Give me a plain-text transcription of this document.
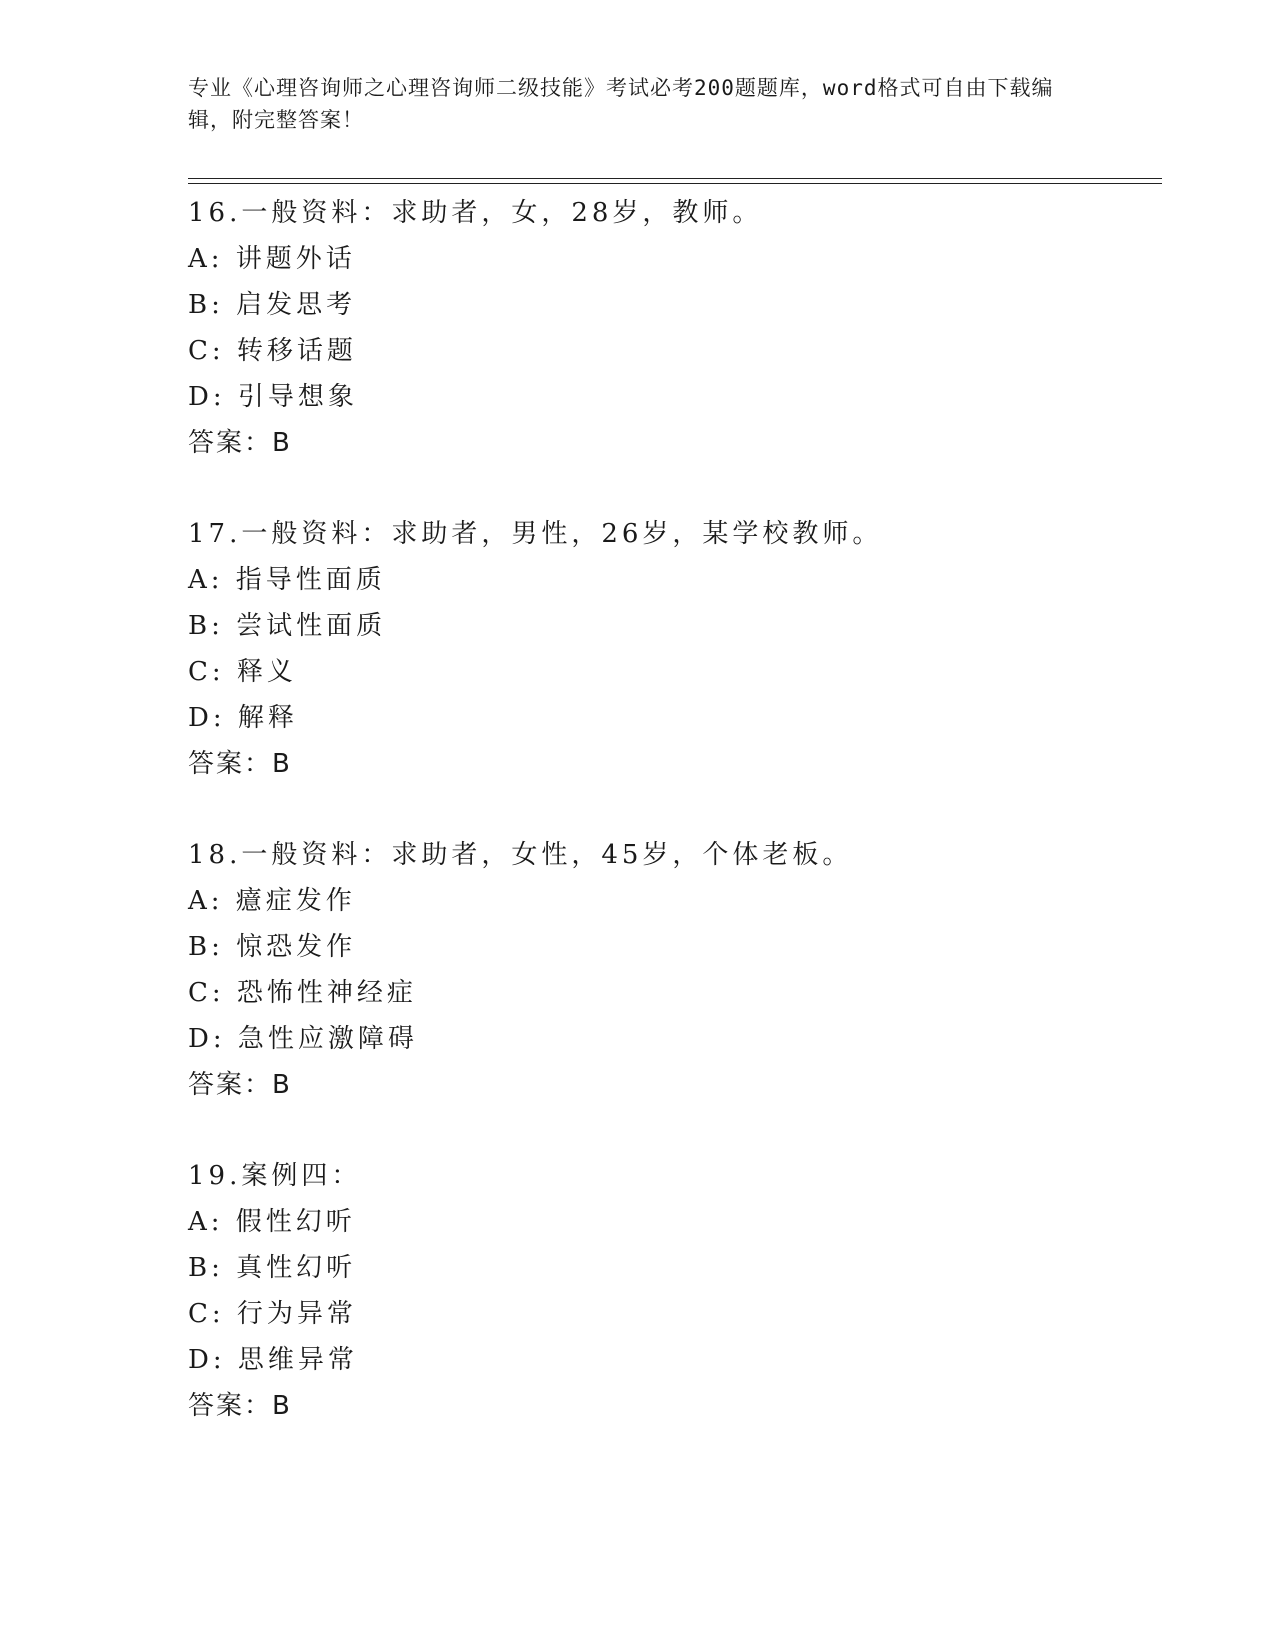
专业《心理咨询师之心理咨询师二级技能》考试必考200题题库，word格式可自由下载编辑，附完整答案！
16.一般资料：求助者，女，28岁，教师。
A: 讲题外话
B: 启发思考
C: 转移话题
D: 引导想象
答案：B
17.一般资料：求助者，男性，26岁，某学校教师。
A: 指导性面质
B: 尝试性面质
C: 释义
D: 解释
答案：B
18.一般资料：求助者，女性，45岁，个体老板。
A: 癔症发作
B: 惊恐发作
C: 恐怖性神经症
D: 急性应激障碍
答案：B
19.案例四：
A: 假性幻听
B: 真性幻听
C: 行为异常
D: 思维异常
答案：B
